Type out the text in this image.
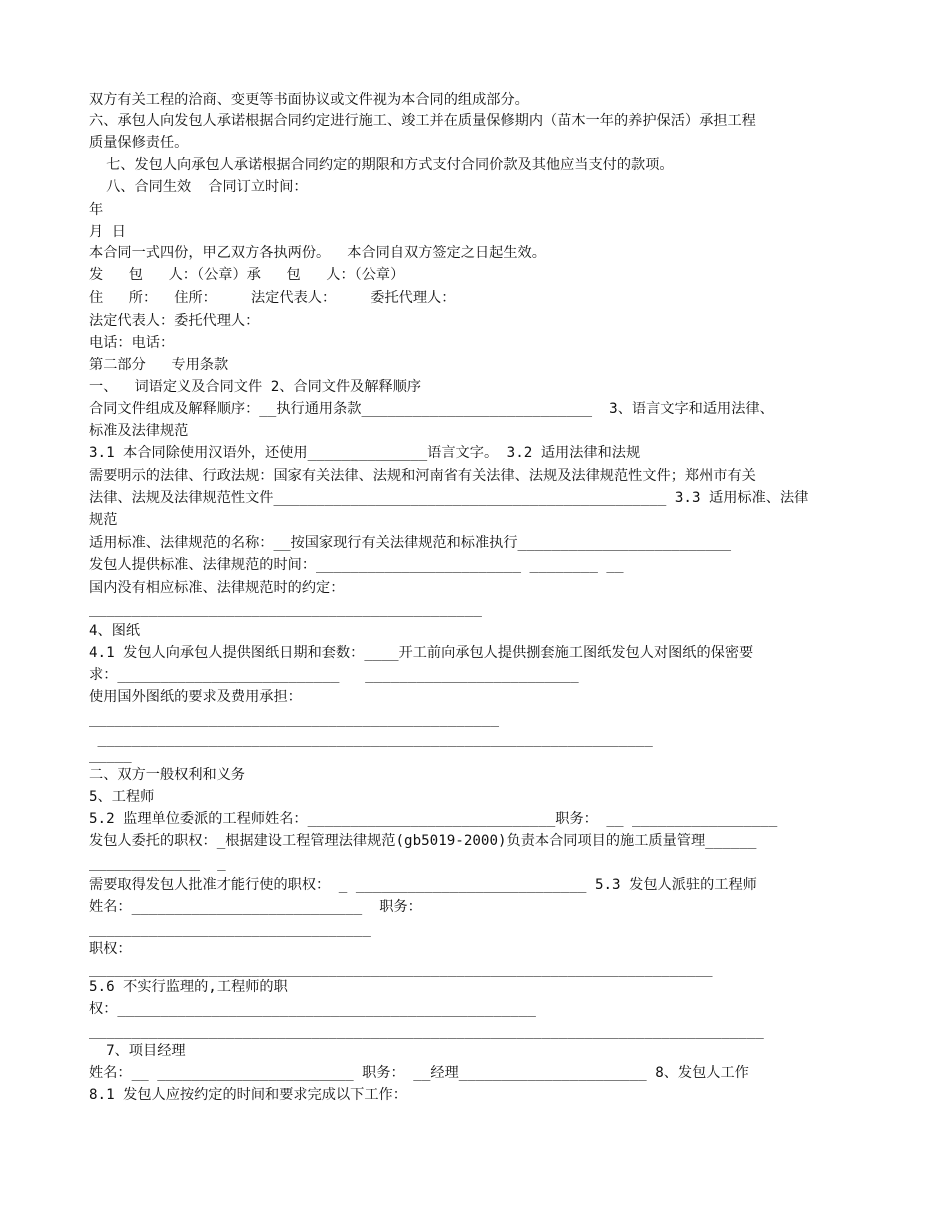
双方有关工程的洽商、变更等书面协议或文件视为本合同的组成部分。
六、承包人向发包人承诺根据合同约定进行施工、竣工并在质量保修期内（苗木一年的养护保活）承担工程
质量保修责任。
七、发包人向承包人承诺根据合同约定的期限和方式支付合同价款及其他应当支付的款项。
八、合同生效  合同订立时间：
年
月 日
本合同一式四份，甲乙双方各执两份。  本合同自双方签定之日起生效。
发   包   人：（公章）承   包   人：（公章）
住   所：  住所：    法定代表人：    委托代理人：
法定代表人：委托代理人：
电话：电话：
第二部分   专用条款
一、  词语定义及合同文件 2、合同文件及解释顺序
合同文件组成及解释顺序：__执行通用条款___________________________  3、语言文字和适用法律、
标准及法律规范
3.1 本合同除使用汉语外，还使用______________语言文字。 3.2 适用法律和法规
需要明示的法律、行政法规：国家有关法律、法规和河南省有关法律、法规及法律规范性文件；郑州市有关
法律、法规及法律规范性文件______________________________________________ 3.3 适用标准、法律
规范
适用标准、法律规范的名称：__按国家现行有关法律规范和标准执行_________________________
发包人提供标准、法律规范的时间：________________________ ________ __
国内没有相应标准、法律规范时的约定：
______________________________________________
4、图纸
4.1 发包人向承包人提供图纸日期和套数：____开工前向承包人提供捌套施工图纸发包人对图纸的保密要
求：__________________________   _________________________
使用国外图纸的要求及费用承担：
________________________________________________
_________________________________________________________________
_____
二、双方一般权利和义务
5、工程师
5.2 监理单位委派的工程师姓名：_____________________________职务： __ _________________
发包人委托的职权：_根据建设工程管理法律规范(gb5019-2000)负责本合同项目的施工质量管理______
_____________  _
需要取得发包人批准才能行使的职权： _ ___________________________ 5.3 发包人派驻的工程师
姓名：___________________________  职务：
_________________________________
职权：
_________________________________________________________________________
5.6 不实行监理的,工程师的职
权：_________________________________________________
_______________________________________________________________________________
7、项目经理
姓名：__ _______________________ 职务： __经理______________________ 8、发包人工作
8.1 发包人应按约定的时间和要求完成以下工作：
